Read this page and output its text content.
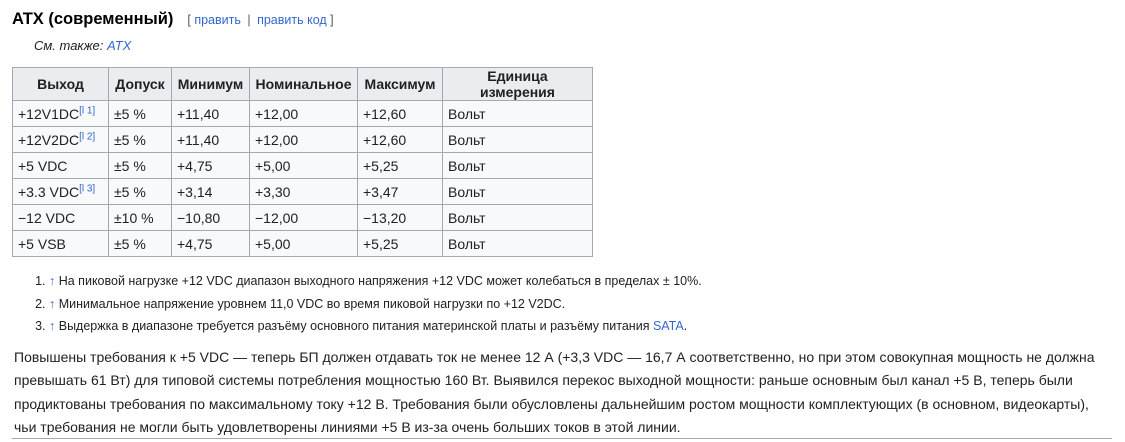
ATX (современный) [ править | править код ]
См. также: ATX
Выход	Допуск	Минимум	Номинальное	Максимум	Единица измерения
+12V1DC[l 1]	±5 %	+11,40	+12,00	+12,60	Вольт
+12V2DC[l 2]	±5 %	+11,40	+12,00	+12,60	Вольт
+5 VDC	±5 %	+4,75	+5,00	+5,25	Вольт
+3.3 VDC[l 3]	±5 %	+3,14	+3,30	+3,47	Вольт
−12 VDC	±10 %	−10,80	−12,00	−13,20	Вольт
+5 VSB	±5 %	+4,75	+5,00	+5,25	Вольт
1. ↑ На пиковой нагрузке +12 VDC диапазон выходного напряжения +12 VDC может колебаться в пределах ± 10%.
2. ↑ Минимальное напряжение уровнем 11,0 VDC во время пиковой нагрузки по +12 V2DC.
3. ↑ Выдержка в диапазоне требуется разъёму основного питания материнской платы и разъёму питания SATA.

Повышены требования к +5 VDC — теперь БП должен отдавать ток не менее 12 А (+3,3 VDC — 16,7 А соответственно, но при этом совокупная мощность не должна превышать 61 Вт) для типовой системы потребления мощностью 160 Вт. Выявился перекос выходной мощности: раньше основным был канал +5 В, теперь были продиктованы требования по максимальному току +12 В. Требования были обусловлены дальнейшим ростом мощности комплектующих (в основном, видеокарты), чьи требования не могли быть удовлетворены линиями +5 В из-за очень больших токов в этой линии.
